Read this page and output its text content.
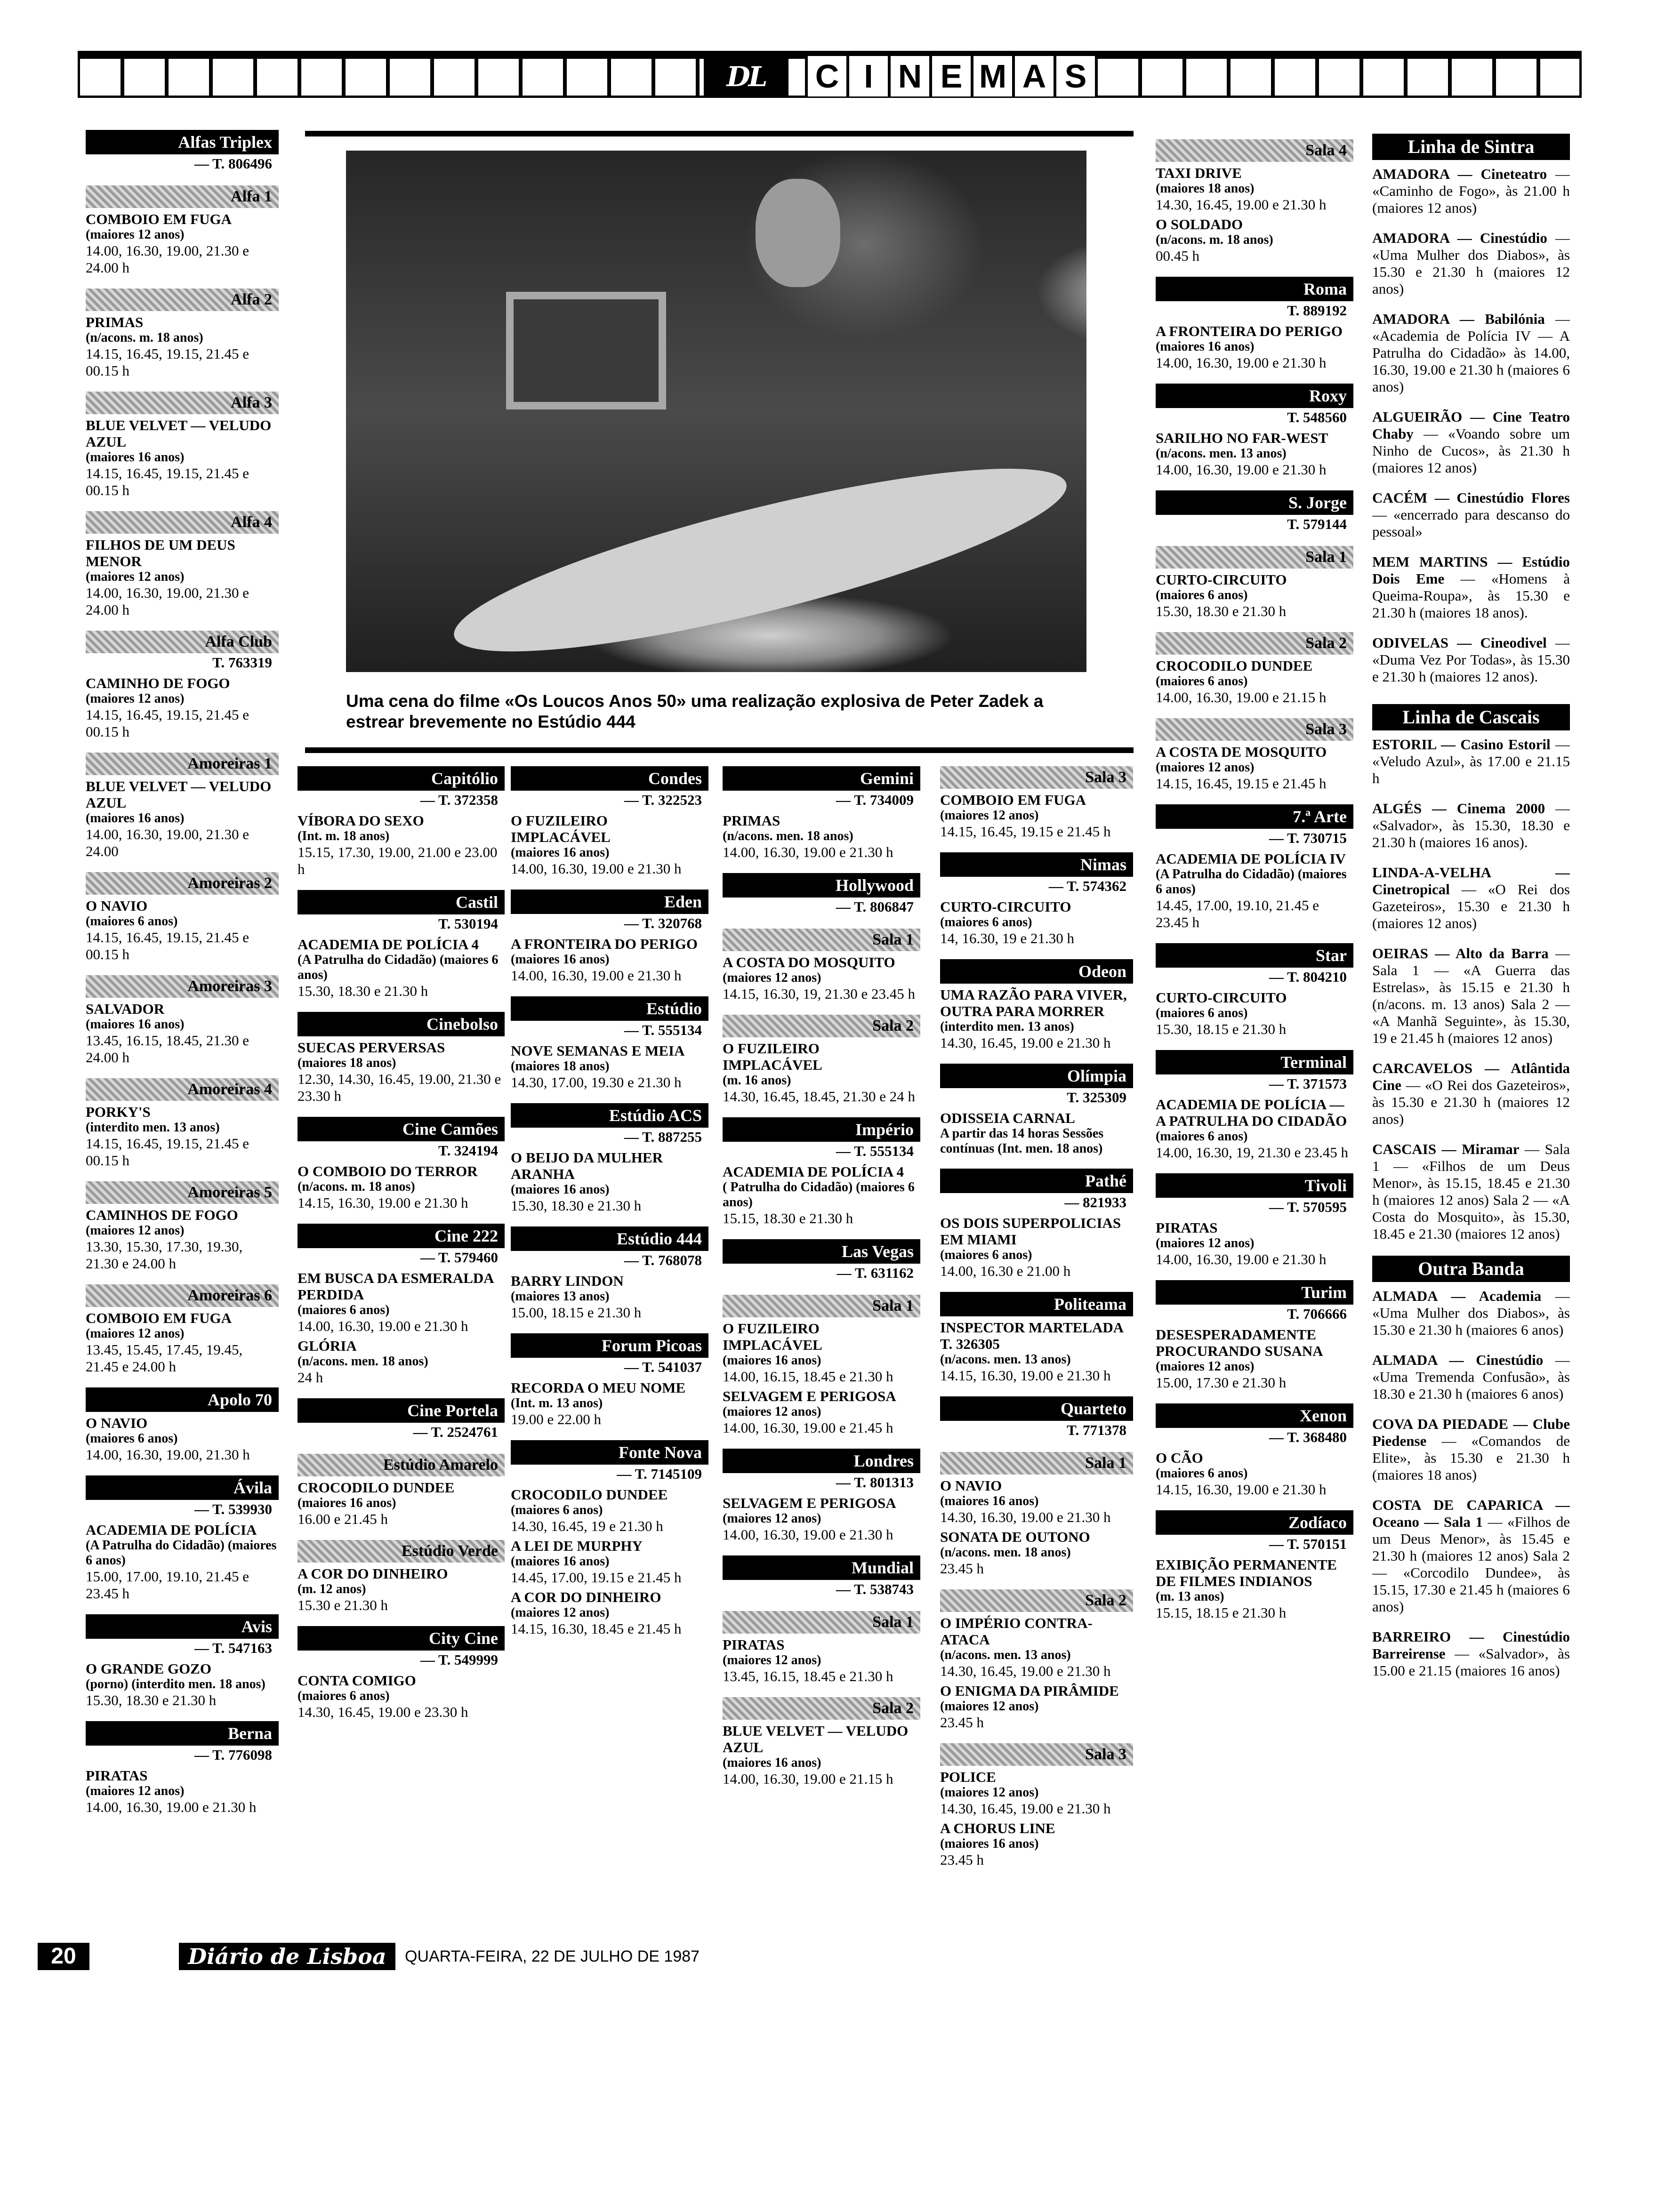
DL	C I N E M A S
Alfas Triplex
— T. 806496
Alfa 1
COMBOIO EM FUGA
(maiores 12 anos)
14.00, 16.30, 19.00, 21.30 e 24.00 h
Alfa 2
PRIMAS
(n/acons. m. 18 anos)
14.15, 16.45, 19.15, 21.45 e 00.15 h
Alfa 3
BLUE VELVET — VELUDO AZUL
(maiores 16 anos)
14.15, 16.45, 19.15, 21.45 e 00.15 h
Alfa 4
FILHOS DE UM DEUS MENOR
(maiores 12 anos)
14.00, 16.30, 19.00, 21.30 e 24.00 h
Alfa Club
T. 763319
CAMINHO DE FOGO
(maiores 12 anos)
14.15, 16.45, 19.15, 21.45 e 00.15 h
Amoreiras 1
BLUE VELVET — VELUDO AZUL
(maiores 16 anos)
14.00, 16.30, 19.00, 21.30 e 24.00
Amoreiras 2
O NAVIO
(maiores 6 anos)
14.15, 16.45, 19.15, 21.45 e 00.15 h
Amoreiras 3
SALVADOR
(maiores 16 anos)
13.45, 16.15, 18.45, 21.30 e 24.00 h
Amoreiras 4
PORKY'S
(interdito men. 13 anos)
14.15, 16.45, 19.15, 21.45 e 00.15 h
Amoreiras 5
CAMINHOS DE FOGO
(maiores 12 anos)
13.30, 15.30, 17.30, 19.30, 21.30 e 24.00 h
Amoreiras 6
COMBOIO EM FUGA
(maiores 12 anos)
13.45, 15.45, 17.45, 19.45, 21.45 e 24.00 h
Apolo 70
O NAVIO
(maiores 6 anos)
14.00, 16.30, 19.00, 21.30 h
Ávila
— T. 539930
ACADEMIA DE POLÍCIA
(A Patrulha do Cidadão) (maiores 6 anos)
15.00, 17.00, 19.10, 21.45 e 23.45 h
Avis
— T. 547163
O GRANDE GOZO
(porno) (interdito men. 18 anos)
15.30, 18.30 e 21.30 h
Berna
— T. 776098
PIRATAS
(maiores 12 anos)
14.00, 16.30, 19.00 e 21.30 h
Capitólio
— T. 372358
VÍBORA DO SEXO
(Int. m. 18 anos)
15.15, 17.30, 19.00, 21.00 e 23.00 h
Castil
T. 530194
ACADEMIA DE POLÍCIA 4
(A Patrulha do Cidadão) (maiores 6 anos)
15.30, 18.30 e 21.30 h
Cinebolso
SUECAS PERVERSAS
(maiores 18 anos)
12.30, 14.30, 16.45, 19.00, 21.30 e 23.30 h
Cine Camões
T. 324194
O COMBOIO DO TERROR
(n/acons. m. 18 anos)
14.15, 16.30, 19.00 e 21.30 h
Cine 222
— T. 579460
EM BUSCA DA ESMERALDA PERDIDA
(maiores 6 anos)
14.00, 16.30, 19.00 e 21.30 h
GLÓRIA
(n/acons. men. 18 anos)
24 h
Cine Portela
— T. 2524761
Estúdio Amarelo
CROCODILO DUNDEE
(maiores 16 anos)
16.00 e 21.45 h
Estúdio Verde
A COR DO DINHEIRO
(m. 12 anos)
15.30 e 21.30 h
City Cine
— T. 549999
CONTA COMIGO
(maiores 6 anos)
14.30, 16.45, 19.00 e 23.30 h
Condes
— T. 322523
O FUZILEIRO IMPLACÁVEL
(maiores 16 anos)
14.00, 16.30, 19.00 e 21.30 h
Eden
— T. 320768
A FRONTEIRA DO PERIGO
(maiores 16 anos)
14.00, 16.30, 19.00 e 21.30 h
Estúdio
— T. 555134
NOVE SEMANAS E MEIA
(maiores 18 anos)
14.30, 17.00, 19.30 e 21.30 h
Estúdio ACS
— T. 887255
O BEIJO DA MULHER ARANHA
(maiores 16 anos)
15.30, 18.30 e 21.30 h
Estúdio 444
— T. 768078
BARRY LINDON
(maiores 13 anos)
15.00, 18.15 e 21.30 h
Forum Picoas
— T. 541037
RECORDA O MEU NOME
(Int. m. 13 anos)
19.00 e 22.00 h
Fonte Nova
— T. 7145109
CROCODILO DUNDEE
(maiores 6 anos)
14.30, 16.45, 19 e 21.30 h
A LEI DE MURPHY
(maiores 16 anos)
14.45, 17.00, 19.15 e 21.45 h
A COR DO DINHEIRO
(maiores 12 anos)
14.15, 16.30, 18.45 e 21.45 h
Gemini
— T. 734009
PRIMAS
(n/acons. men. 18 anos)
14.00, 16.30, 19.00 e 21.30 h
Hollywood
— T. 806847
Sala 1
A COSTA DO MOSQUITO
(maiores 12 anos)
14.15, 16.30, 19, 21.30 e 23.45 h
Sala 2
O FUZILEIRO IMPLACÁVEL
(m. 16 anos)
14.30, 16.45, 18.45, 21.30 e 24 h
Império
— T. 555134
ACADEMIA DE POLÍCIA 4
( Patrulha do Cidadão) (maiores 6 anos)
15.15, 18.30 e 21.30 h
Las Vegas
— T. 631162
Sala 1
O FUZILEIRO IMPLACÁVEL
(maiores 16 anos)
14.00, 16.15, 18.45 e 21.30 h
SELVAGEM E PERIGOSA
(maiores 12 anos)
14.00, 16.30, 19.00 e 21.45 h
Londres
— T. 801313
SELVAGEM E PERIGOSA
(maiores 12 anos)
14.00, 16.30, 19.00 e 21.30 h
Mundial
— T. 538743
Sala 1
PIRATAS
(maiores 12 anos)
13.45, 16.15, 18.45 e 21.30 h
Sala 2
BLUE VELVET — VELUDO AZUL
(maiores 16 anos)
14.00, 16.30, 19.00 e 21.15 h
Sala 3
COMBOIO EM FUGA
(maiores 12 anos)
14.15, 16.45, 19.15 e 21.45 h
Nimas
— T. 574362
CURTO-CIRCUITO
(maiores 6 anos)
14, 16.30, 19 e 21.30 h
Odeon
UMA RAZÃO PARA VIVER, OUTRA PARA MORRER
(interdito men. 13 anos)
14.30, 16.45, 19.00 e 21.30 h
Olímpia
T. 325309
ODISSEIA CARNAL
A partir das 14 horas Sessões contínuas (Int. men. 18 anos)
Pathé
— 821933
OS DOIS SUPERPOLICIAS EM MIAMI
(maiores 6 anos)
14.00, 16.30 e 21.00 h
Politeama
INSPECTOR MARTELADA T. 326305
(n/acons. men. 13 anos)
14.15, 16.30, 19.00 e 21.30 h
Quarteto
T. 771378
Sala 1
O NAVIO
(maiores 16 anos)
14.30, 16.30, 19.00 e 21.30 h
SONATA DE OUTONO
(n/acons. men. 18 anos)
23.45 h
Sala 2
O IMPÉRIO CONTRA-ATACA
(n/acons. men. 13 anos)
14.30, 16.45, 19.00 e 21.30 h
O ENIGMA DA PIRÂMIDE
(maiores 12 anos)
23.45 h
Sala 3
POLICE
(maiores 12 anos)
14.30, 16.45, 19.00 e 21.30 h
A CHORUS LINE
(maiores 16 anos)
23.45 h
Sala 4
TAXI DRIVE
(maiores 18 anos)
14.30, 16.45, 19.00 e 21.30 h
O SOLDADO
(n/acons. m. 18 anos)
00.45 h
Roma
T. 889192
A FRONTEIRA DO PERIGO
(maiores 16 anos)
14.00, 16.30, 19.00 e 21.30 h
Roxy
T. 548560
SARILHO NO FAR-WEST
(n/acons. men. 13 anos)
14.00, 16.30, 19.00 e 21.30 h
S. Jorge
T. 579144
Sala 1
CURTO-CIRCUITO
(maiores 6 anos)
15.30, 18.30 e 21.30 h
Sala 2
CROCODILO DUNDEE
(maiores 6 anos)
14.00, 16.30, 19.00 e 21.15 h
Sala 3
A COSTA DE MOSQUITO
(maiores 12 anos)
14.15, 16.45, 19.15 e 21.45 h
7.ª Arte
— T. 730715
ACADEMIA DE POLÍCIA IV
(A Patrulha do Cidadão) (maiores 6 anos)
14.45, 17.00, 19.10, 21.45 e 23.45 h
Star
— T. 804210
CURTO-CIRCUITO
(maiores 6 anos)
15.30, 18.15 e 21.30 h
Terminal
— T. 371573
ACADEMIA DE POLÍCIA — A PATRULHA DO CIDADÃO
(maiores 6 anos)
14.00, 16.30, 19, 21.30 e 23.45 h
Tivoli
— T. 570595
PIRATAS
(maiores 12 anos)
14.00, 16.30, 19.00 e 21.30 h
Turim
T. 706666
DESESPERADAMENTE PROCURANDO SUSANA
(maiores 12 anos)
15.00, 17.30 e 21.30 h
Xenon
— T. 368480
O CÃO
(maiores 6 anos)
14.15, 16.30, 19.00 e 21.30 h
Zodíaco
— T. 570151
EXIBIÇÃO PERMANENTE DE FILMES INDIANOS
(m. 13 anos)
15.15, 18.15 e 21.30 h
Uma cena do filme «Os Loucos Anos 50» uma realização explosiva de Peter Zadek a estrear brevemente no Estúdio 444
Linha de Sintra
AMADORA — Cineteatro — «Caminho de Fogo», às 21.00 h (maiores 12 anos)
AMADORA — Cinestúdio — «Uma Mulher dos Diabos», às 15.30 e 21.30 h (maiores 12 anos)
AMADORA — Babilónia — «Academia de Polícia IV — A Patrulha do Cidadão» às 14.00, 16.30, 19.00 e 21.30 h (maiores 6 anos)
ALGUEIRÃO — Cine Teatro Chaby — «Voando sobre um Ninho de Cucos», às 21.30 h (maiores 12 anos)
CACÉM — Cinestúdio Flores — «encerrado para descanso do pessoal»
MEM MARTINS — Estúdio Dois Eme — «Homens à Queima-Roupa», às 15.30 e 21.30 h (maiores 18 anos).
ODIVELAS — Cineodivel — «Duma Vez Por Todas», às 15.30 e 21.30 h (maiores 12 anos).
Linha de Cascais
ESTORIL — Casino Estoril — «Veludo Azul», às 17.00 e 21.15 h
ALGÉS — Cinema 2000 — «Salvador», às 15.30, 18.30 e 21.30 h (maiores 16 anos).
LINDA-A-VELHA — Cinetropical — «O Rei dos Gazeteiros», 15.30 e 21.30 h (maiores 12 anos)
OEIRAS — Alto da Barra — Sala 1 — «A Guerra das Estrelas», às 15.15 e 21.30 h (n/acons. m. 13 anos) Sala 2 — «A Manhã Seguinte», às 15.30, 19 e 21.45 h (maiores 12 anos)
CARCAVELOS — Atlântida Cine — «O Rei dos Gazeteiros», às 15.30 e 21.30 h (maiores 12 anos)
CASCAIS — Miramar — Sala 1 — «Filhos de um Deus Menor», às 15.15, 18.45 e 21.30 h (maiores 12 anos) Sala 2 — «A Costa do Mosquito», às 15.30, 18.45 e 21.30 (maiores 12 anos)
Outra Banda
ALMADA — Academia — «Uma Mulher dos Diabos», às 15.30 e 21.30 h (maiores 6 anos)
ALMADA — Cinestúdio — «Uma Tremenda Confusão», às 18.30 e 21.30 h (maiores 6 anos)
COVA DA PIEDADE — Clube Piedense — «Comandos de Elite», às 15.30 e 21.30 h (maiores 18 anos)
COSTA DE CAPARICA — Oceano — Sala 1 — «Filhos de um Deus Menor», às 15.45 e 21.30 h (maiores 12 anos) Sala 2 — «Corcodilo Dundee», às 15.15, 17.30 e 21.45 h (maiores 6 anos)
BARREIRO — Cinestúdio Barreirense — «Salvador», às 15.00 e 21.15 (maiores 16 anos)
20	Diário de Lisboa	QUARTA-FEIRA, 22 DE JULHO DE 1987
